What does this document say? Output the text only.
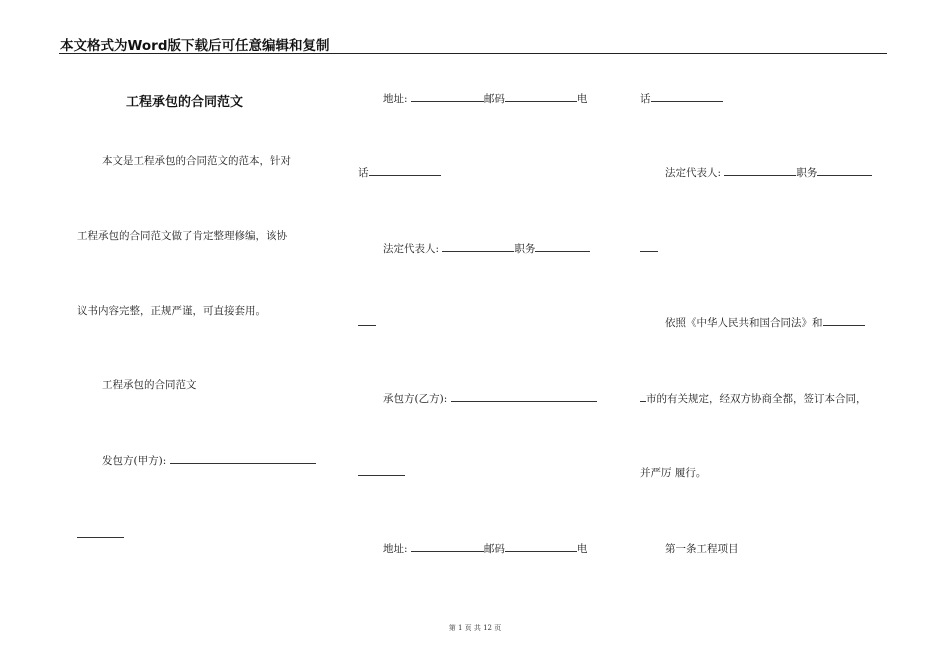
本文格式为Word版下载后可任意编辑和复制
工程承包的合同范文
本文是工程承包的合同范文的范本，针对
工程承包的合同范文做了肯定整理修编，该协
议书内容完整，正规严谨，可直接套用。
工程承包的合同范文
发包方(甲方):
地址:	邮码	电
话
法定代表人:	职务
承包方(乙方):
地址:	邮码	电
话
法定代表人:	职务
依照《中华人民共和国合同法》和
市的有关规定，经双方协商全都，签订本合同，
并严厉 履行。
第一条工程项目
第 1 页 共 12 页
